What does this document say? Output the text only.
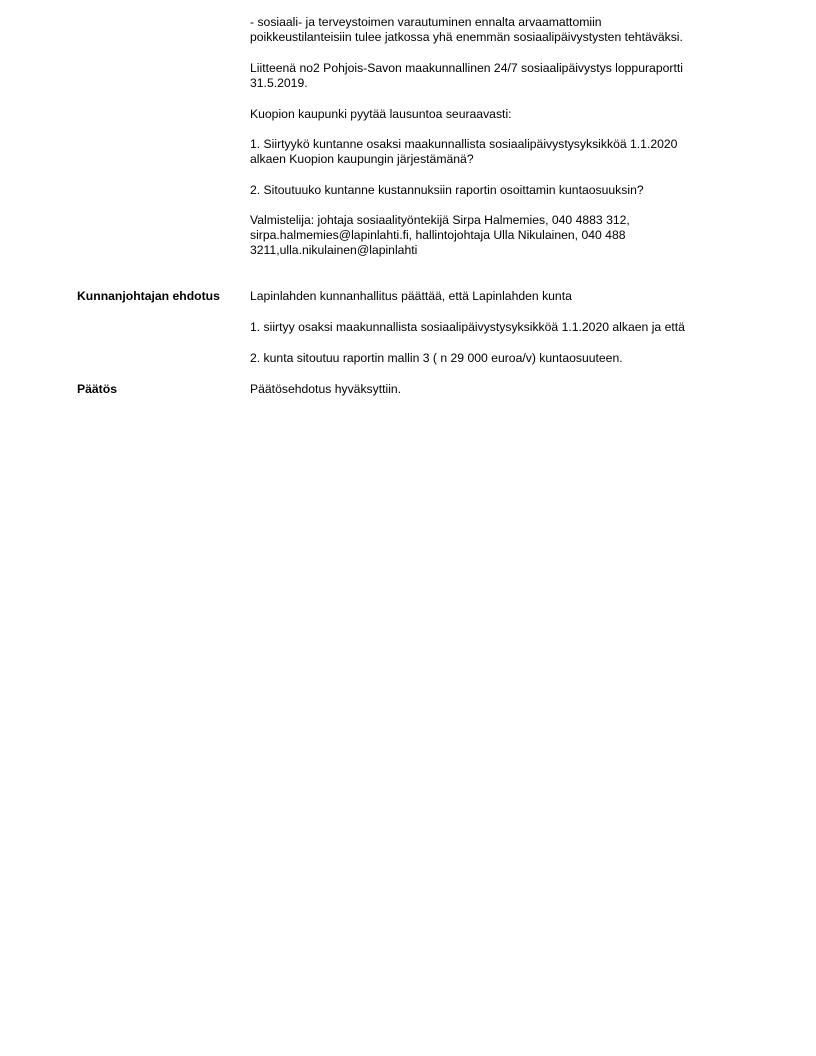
- sosiaali- ja terveystoimen varautuminen ennalta arvaamattomiin
poikkeustilanteisiin tulee jatkossa yhä enemmän sosiaalipäivystysten tehtäväksi.

Liitteenä no2 Pohjois-Savon maakunnallinen 24/7 sosiaalipäivystys loppuraportti
31.5.2019.

Kuopion kaupunki pyytää lausuntoa seuraavasti:

1. Siirtyykö kuntanne osaksi maakunnallista sosiaalipäivystysyksikköä 1.1.2020
alkaen Kuopion kaupungin järjestämänä?

2. Sitoutuuko kuntanne kustannuksiin raportin osoittamin kuntaosuuksin?

Valmistelija: johtaja sosiaalityöntekijä Sirpa Halmemies, 040 4883 312,
sirpa.halmemies@lapinlahti.fi, hallintojohtaja Ulla Nikulainen, 040 488
3211,ulla.nikulainen@lapinlahti

Kunnanjohtajan ehdotus	Lapinlahden kunnanhallitus päättää, että Lapinlahden kunta

1. siirtyy osaksi maakunnallista sosiaalipäivystysyksikköä 1.1.2020 alkaen ja että

2. kunta sitoutuu raportin mallin 3 ( n 29 000 euroa/v) kuntaosuuteen.

Päätös	Päätösehdotus hyväksyttiin.
